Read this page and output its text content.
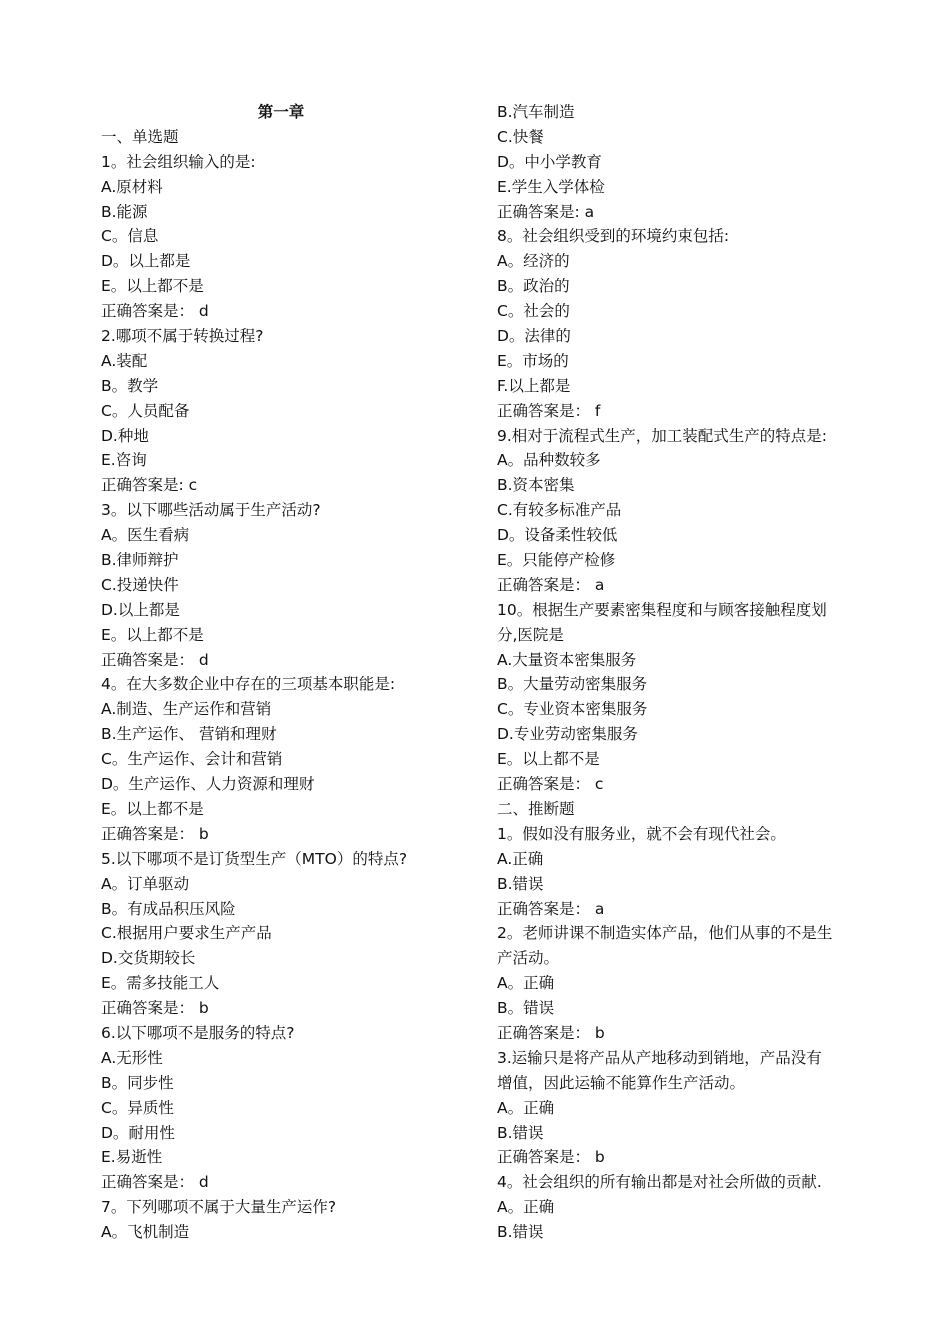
第一章
一、单选题
1。社会组织输入的是:
A.原材料
B.能源
C。信息
D。以上都是
E。以上都不是
正确答案是： d
2.哪项不属于转换过程?
A.装配
B。教学
C。人员配备
D.种地
E.咨询
正确答案是: c
3。以下哪些活动属于生产活动?
A。医生看病
B.律师辩护
C.投递快件
D.以上都是
E。以上都不是
正确答案是： d
4。在大多数企业中存在的三项基本职能是:
A.制造、生产运作和营销
B.生产运作、 营销和理财
C。生产运作、会计和营销
D。生产运作、人力资源和理财
E。以上都不是
正确答案是： b
5.以下哪项不是订货型生产（MTO）的特点?
A。订单驱动
B。有成品积压风险
C.根据用户要求生产产品
D.交货期较长
E。需多技能工人
正确答案是： b
6.以下哪项不是服务的特点?
A.无形性
B。同步性
C。异质性
D。耐用性
E.易逝性
正确答案是： d
7。下列哪项不属于大量生产运作?
A。飞机制造
B.汽车制造
C.快餐
D。中小学教育
E.学生入学体检
正确答案是: a
8。社会组织受到的环境约束包括:
A。经济的
B。政治的
C。社会的
D。法律的
E。市场的
F.以上都是
正确答案是： f
9.相对于流程式生产，加工装配式生产的特点是:
A。品种数较多
B.资本密集
C.有较多标准产品
D。设备柔性较低
E。只能停产检修
正确答案是： a
10。根据生产要素密集程度和与顾客接触程度划
分,医院是
A.大量资本密集服务
B。大量劳动密集服务
C。专业资本密集服务
D.专业劳动密集服务
E。以上都不是
正确答案是： c
二、推断题
1。假如没有服务业，就不会有现代社会。
A.正确
B.错误
正确答案是： a
2。老师讲课不制造实体产品，他们从事的不是生
产活动。
A。正确
B。错误
正确答案是： b
3.运输只是将产品从产地移动到销地，产品没有
增值，因此运输不能算作生产活动。
A。正确
B.错误
正确答案是： b
4。社会组织的所有输出都是对社会所做的贡献.
A。正确
B.错误
